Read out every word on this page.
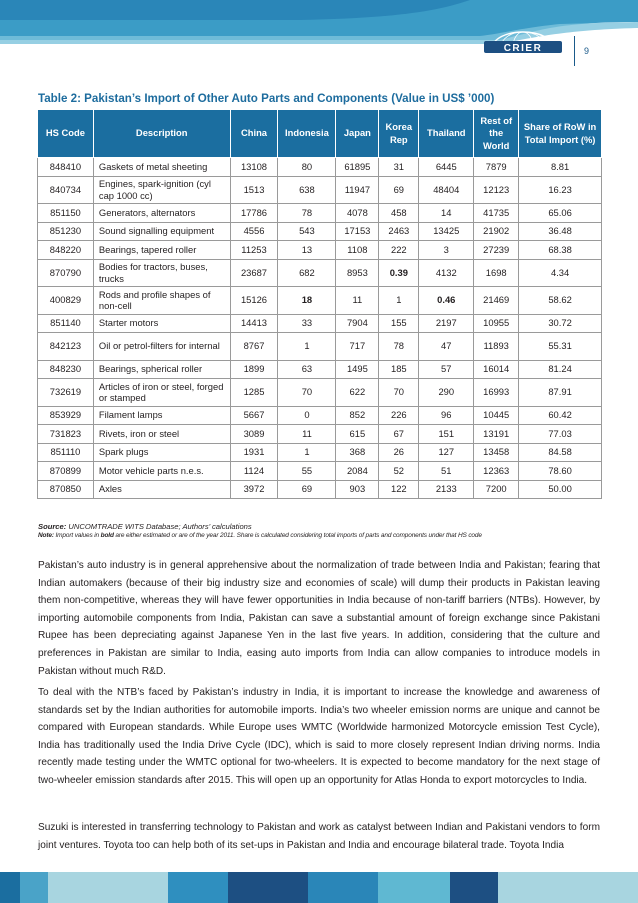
CRIER	9
Table 2: Pakistan’s Import of Other Auto Parts and Components (Value in US$ ’000)
HS Code	Description	China	Indonesia	Japan	Korea Rep	Thailand	Rest of the World	Share of RoW in Total Import (%)
848410	Gaskets of metal sheeting	13108	80	61895	31	6445	7879	8.81
840734	Engines, spark-ignition (cyl cap 1000 cc)	1513	638	11947	69	48404	12123	16.23
851150	Generators, alternators	17786	78	4078	458	14	41735	65.06
851230	Sound signalling equipment	4556	543	17153	2463	13425	21902	36.48
848220	Bearings, tapered roller	11253	13	1108	222	3	27239	68.38
870790	Bodies for tractors, buses, trucks	23687	682	8953	0.39	4132	1698	4.34
400829	Rods and profile shapes of non-cell	15126	18	11	1	0.46	21469	58.62
851140	Starter motors	14413	33	7904	155	2197	10955	30.72
842123	Oil or petrol-filters for internal	8767	1	717	78	47	11893	55.31
848230	Bearings, spherical roller	1899	63	1495	185	57	16014	81.24
732619	Articles of iron or steel, forged or stamped	1285	70	622	70	290	16993	87.91
853929	Filament lamps	5667	0	852	226	96	10445	60.42
731823	Rivets, iron or steel	3089	11	615	67	151	13191	77.03
851110	Spark plugs	1931	1	368	26	127	13458	84.58
870899	Motor vehicle parts n.e.s.	1124	55	2084	52	51	12363	78.60
870850	Axles	3972	69	903	122	2133	7200	50.00
Source: UNCOMTRADE WITS Database; Authors’ calculations
Note: Import values in bold are either estimated or are of the year 2011. Share is calculated considering total imports of parts and components under that HS code

Pakistan’s auto industry is in general apprehensive about the normalization of trade between India and Pakistan; fearing that Indian automakers (because of their big industry size and economies of scale) will dump their products in Pakistan leaving them non-competitive, whereas they will have fewer opportunities in India because of non-tariff barriers (NTBs). However, by importing automobile components from India, Pakistan can save a substantial amount of foreign exchange since Pakistani Rupee has been depreciating against Japanese Yen in the last five years. In addition, considering that the culture and preferences in Pakistan are similar to India, easing auto imports from India can allow companies to introduce models in Pakistan without much R&D.

To deal with the NTB’s faced by Pakistan’s industry in India, it is important to increase the knowledge and awareness of standards set by the Indian authorities for automobile imports. India’s two wheeler emission norms are unique and cannot be compared with European standards. While Europe uses WMTC (Worldwide harmonized Motorcycle emission Test Cycle), India has traditionally used the India Drive Cycle (IDC), which is said to more closely represent Indian driving norms. India recently made testing under the WMTC optional for two-wheelers. It is expected to become mandatory for the next stage of two-wheeler emission standards after 2015. This will open up an opportunity for Atlas Honda to export motorcycles to India.

Suzuki is interested in transferring technology to Pakistan and work as catalyst between Indian and Pakistani vendors to form joint ventures. Toyota too can help both of its set-ups in Pakistan and India and encourage bilateral trade. Toyota India
